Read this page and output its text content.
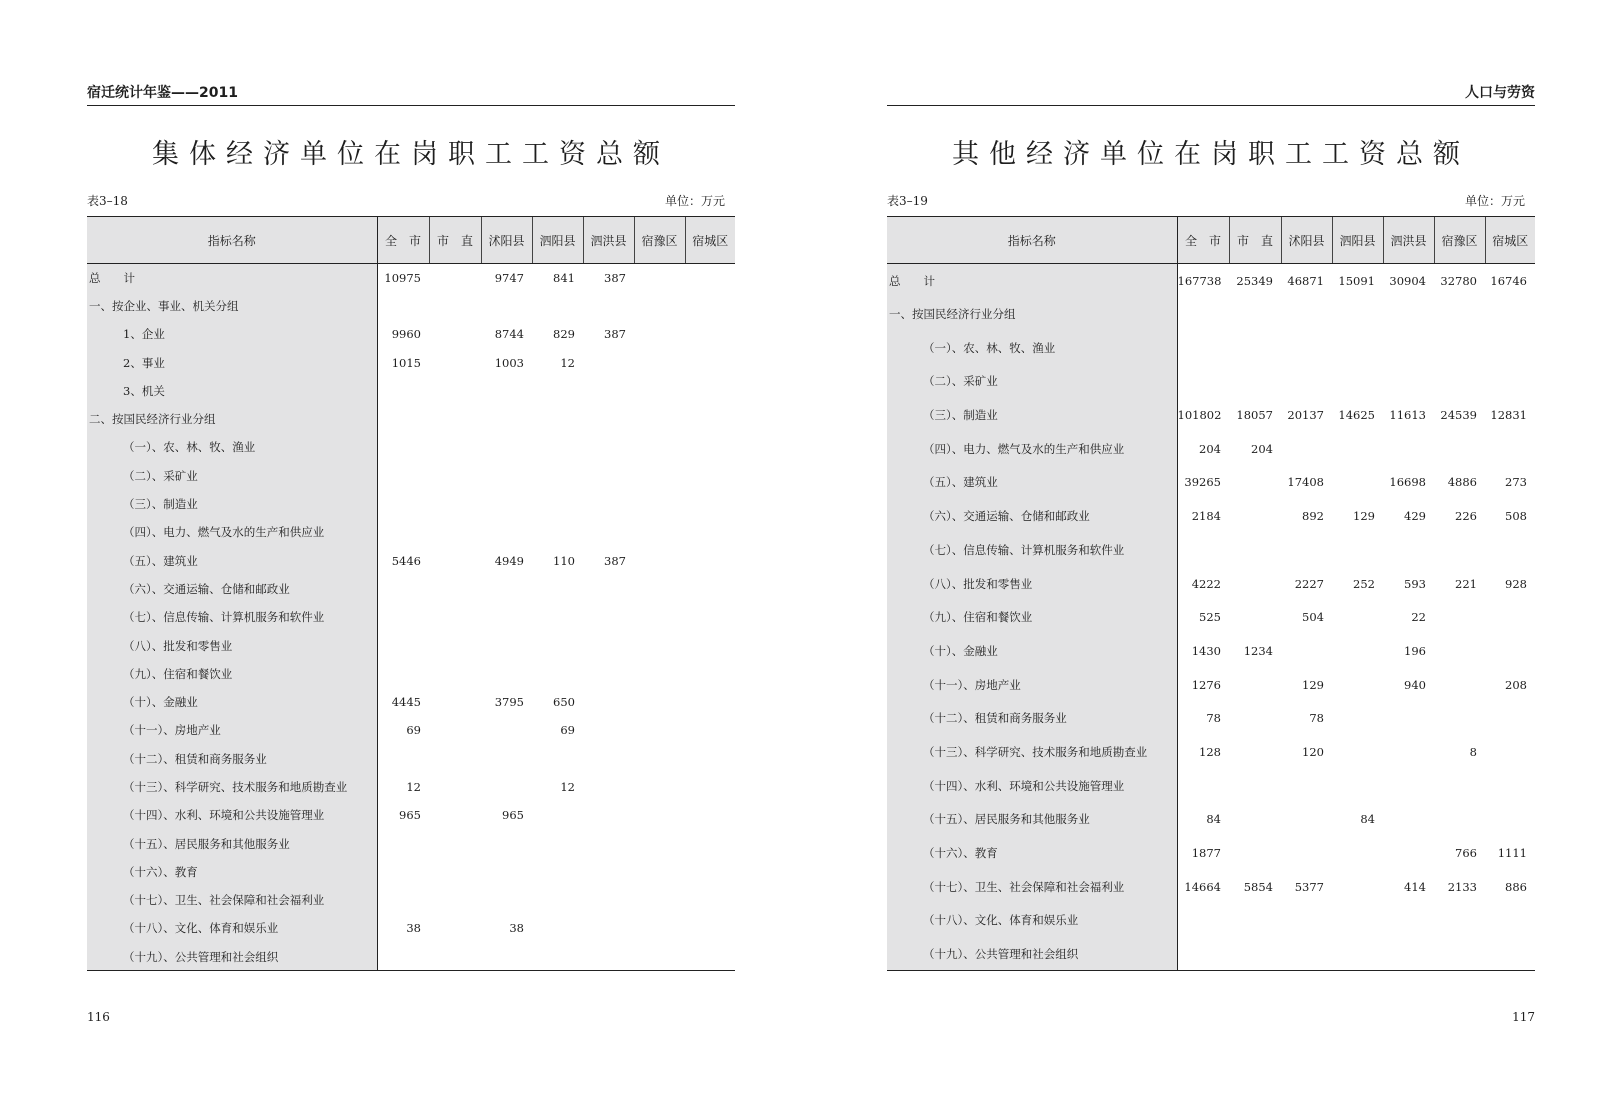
宿迁统计年鉴——2011
集体经济单位在岗职工工资总额
表3–18	单位：万元
指标名称	全　市	市　直	沭阳县	泗阳县	泗洪县	宿豫区	宿城区
总　　计	10975		9747	841	387		
一、按企业、事业、机关分组							
1、企业	9960		8744	829	387		
2、事业	1015		1003	12			
3、机关							
二、按国民经济行业分组							
（一）、农、林、牧、渔业							
（二）、采矿业							
（三）、制造业							
（四）、电力、燃气及水的生产和供应业							
（五）、建筑业	5446		4949	110	387		
（六）、交通运输、仓储和邮政业							
（七）、信息传输、计算机服务和软件业							
（八）、批发和零售业							
（九）、住宿和餐饮业							
（十）、金融业	4445		3795	650			
（十一）、房地产业	69			69			
（十二）、租赁和商务服务业							
（十三）、科学研究、技术服务和地质勘查业	12			12			
（十四）、水利、环境和公共设施管理业	965		965				
（十五）、居民服务和其他服务业							
（十六）、教育							
（十七）、卫生、社会保障和社会福利业							
（十八）、文化、体育和娱乐业	38		38				
（十九）、公共管理和社会组织							
116
人口与劳资
其他经济单位在岗职工工资总额
表3–19	单位：万元
指标名称	全　市	市　直	沭阳县	泗阳县	泗洪县	宿豫区	宿城区
总　　计	167738	25349	46871	15091	30904	32780	16746
一、按国民经济行业分组							
（一）、农、林、牧、渔业							
（二）、采矿业							
（三）、制造业	101802	18057	20137	14625	11613	24539	12831
（四）、电力、燃气及水的生产和供应业	204	204					
（五）、建筑业	39265		17408		16698	4886	273
（六）、交通运输、仓储和邮政业	2184		892	129	429	226	508
（七）、信息传输、计算机服务和软件业							
（八）、批发和零售业	4222		2227	252	593	221	928
（九）、住宿和餐饮业	525		504		22		
（十）、金融业	1430	1234			196		
（十一）、房地产业	1276		129		940		208
（十二）、租赁和商务服务业	78		78				
（十三）、科学研究、技术服务和地质勘查业	128		120			8	
（十四）、水利、环境和公共设施管理业							
（十五）、居民服务和其他服务业	84			84			
（十六）、教育	1877					766	1111
（十七）、卫生、社会保障和社会福利业	14664	5854	5377		414	2133	886
（十八）、文化、体育和娱乐业							
（十九）、公共管理和社会组织							
117
